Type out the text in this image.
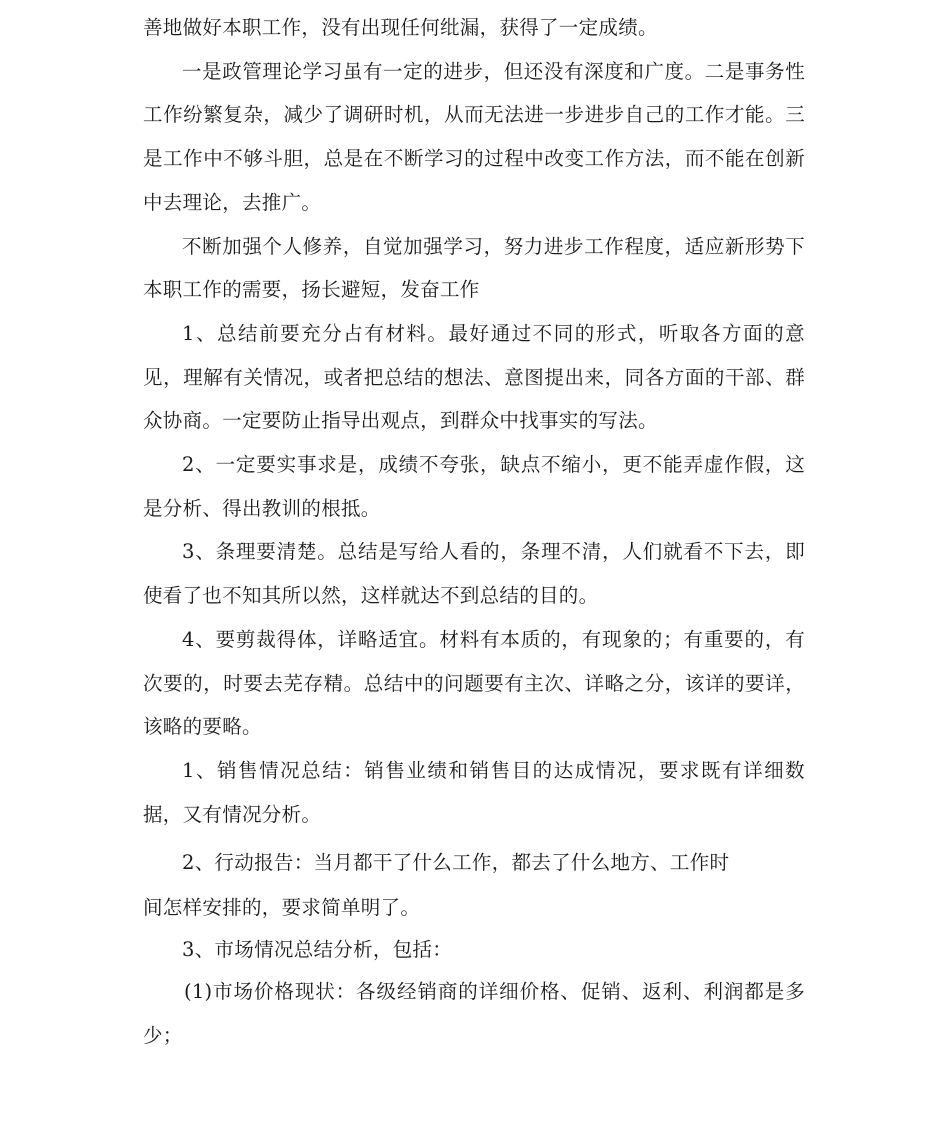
善地做好本职工作，没有出现任何纰漏，获得了一定成绩。

一是政管理论学习虽有一定的进步，但还没有深度和广度。二是事务性工作纷繁复杂，减少了调研时机，从而无法进一步进步自己的工作才能。三是工作中不够斗胆，总是在不断学习的过程中改变工作方法，而不能在创新中去理论，去推广。

不断加强个人修养，自觉加强学习，努力进步工作程度，适应新形势下本职工作的需要，扬长避短，发奋工作

1、总结前要充分占有材料。最好通过不同的形式，听取各方面的意见，理解有关情况，或者把总结的想法、意图提出来，同各方面的干部、群众协商。一定要防止指导出观点，到群众中找事实的写法。

2、一定要实事求是，成绩不夸张，缺点不缩小，更不能弄虚作假，这是分析、得出教训的根抵。

3、条理要清楚。总结是写给人看的，条理不清，人们就看不下去，即使看了也不知其所以然，这样就达不到总结的目的。

4、要剪裁得体，详略适宜。材料有本质的，有现象的；有重要的，有次要的，时要去芜存精。总结中的问题要有主次、详略之分，该详的要详，该略的要略。

1、销售情况总结：销售业绩和销售目的达成情况，要求既有详细数据，又有情况分析。

2、行动报告：当月都干了什么工作，都去了什么地方、工作时

间怎样安排的，要求简单明了。

3、市场情况总结分析，包括：

(1)市场价格现状：各级经销商的详细价格、促销、返利、利润都是多少；
